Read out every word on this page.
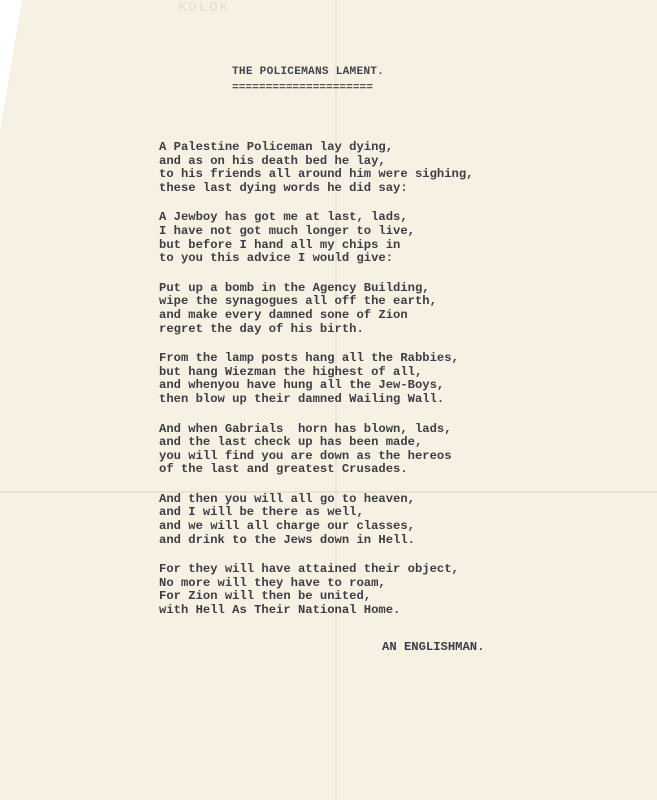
KOLOK
THE POLICEMANS LAMENT.
=====================
A Palestine Policeman lay dying,
and as on his death bed he lay,
to his friends all around him were sighing,
these last dying words he did say:
A Jewboy has got me at last, lads,
I have not got much longer to live,
but before I hand all my chips in
to you this advice I would give:
Put up a bomb in the Agency Building,
wipe the synagogues all off the earth,
and make every damned sone of Zion
regret the day of his birth.
From the lamp posts hang all the Rabbies,
but hang Wiezman the highest of all,
and whenyou have hung all the Jew-Boys,
then blow up their damned Wailing Wall.
And when Gabrials  horn has blown, lads,
and the last check up has been made,
you will find you are down as the hereos
of the last and greatest Crusades.
And then you will all go to heaven,
and I will be there as well,
and we will all charge our classes,
and drink to the Jews down in Hell.
For they will have attained their object,
No more will they have to roam,
For Zion will then be united,
with Hell As Their National Home.
AN ENGLISHMAN.
